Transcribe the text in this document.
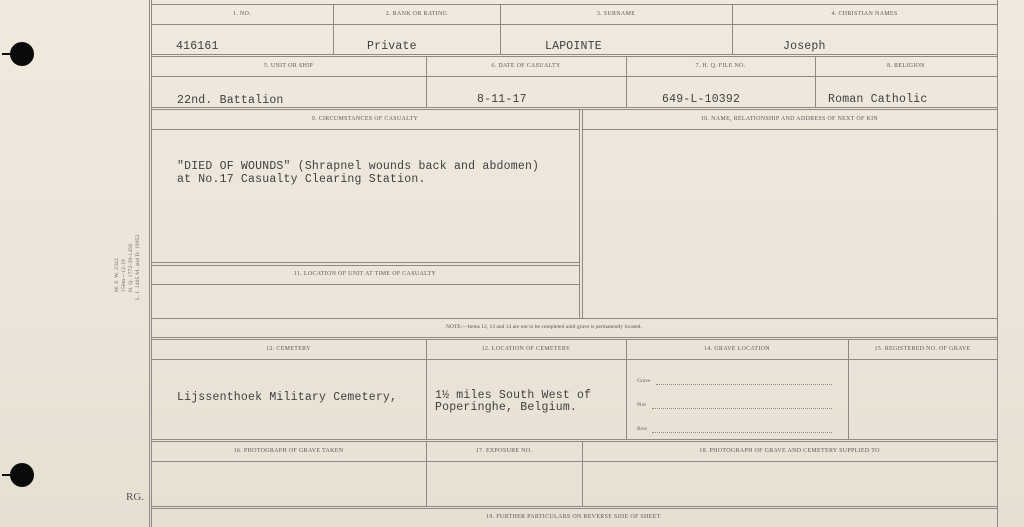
M. F. W. 2342 150m—12-19 H. Q. 1772-39-1458 L. I. 1405 M. and D. 19952
RG.
1. NO.	2. RANK OR RATING	3. SURNAME	4. CHRISTIAN NAMES
416161	Private	LAPOINTE	Joseph
5. UNIT OR SHIP	6. DATE OF CASUALTY	7. H. Q. FILE NO.	8. RELIGION
22nd. Battalion	8-11-17	649-L-10392	Roman Catholic
9. CIRCUMSTANCES OF CASUALTY	10. NAME, RELATIONSHIP AND ADDRESS OF NEXT OF KIN
"DIED OF WOUNDS" (Shrapnel wounds back and abdomen)
at No.17 Casualty Clearing Station.
11. LOCATION OF UNIT AT TIME OF CASUALTY
NOTE:—Items 12, 13 and 14 are not to be completed until grave is permanently located.
12. CEMETERY	12. LOCATION OF CEMETERY	14. GRAVE LOCATION	15. REGISTERED NO. OF GRAVE
Lijssenthoek Military Cemetery,	1½ miles South West of
Poperinghe, Belgium.
Grave
Plot
Row
16. PHOTOGRAPH OF GRAVE TAKEN	17. EXPOSURE NO.	18. PHOTOGRAPH OF GRAVE AND CEMETERY SUPPLIED TO
19. FURTHER PARTICULARS ON REVERSE SIDE OF SHEET.
